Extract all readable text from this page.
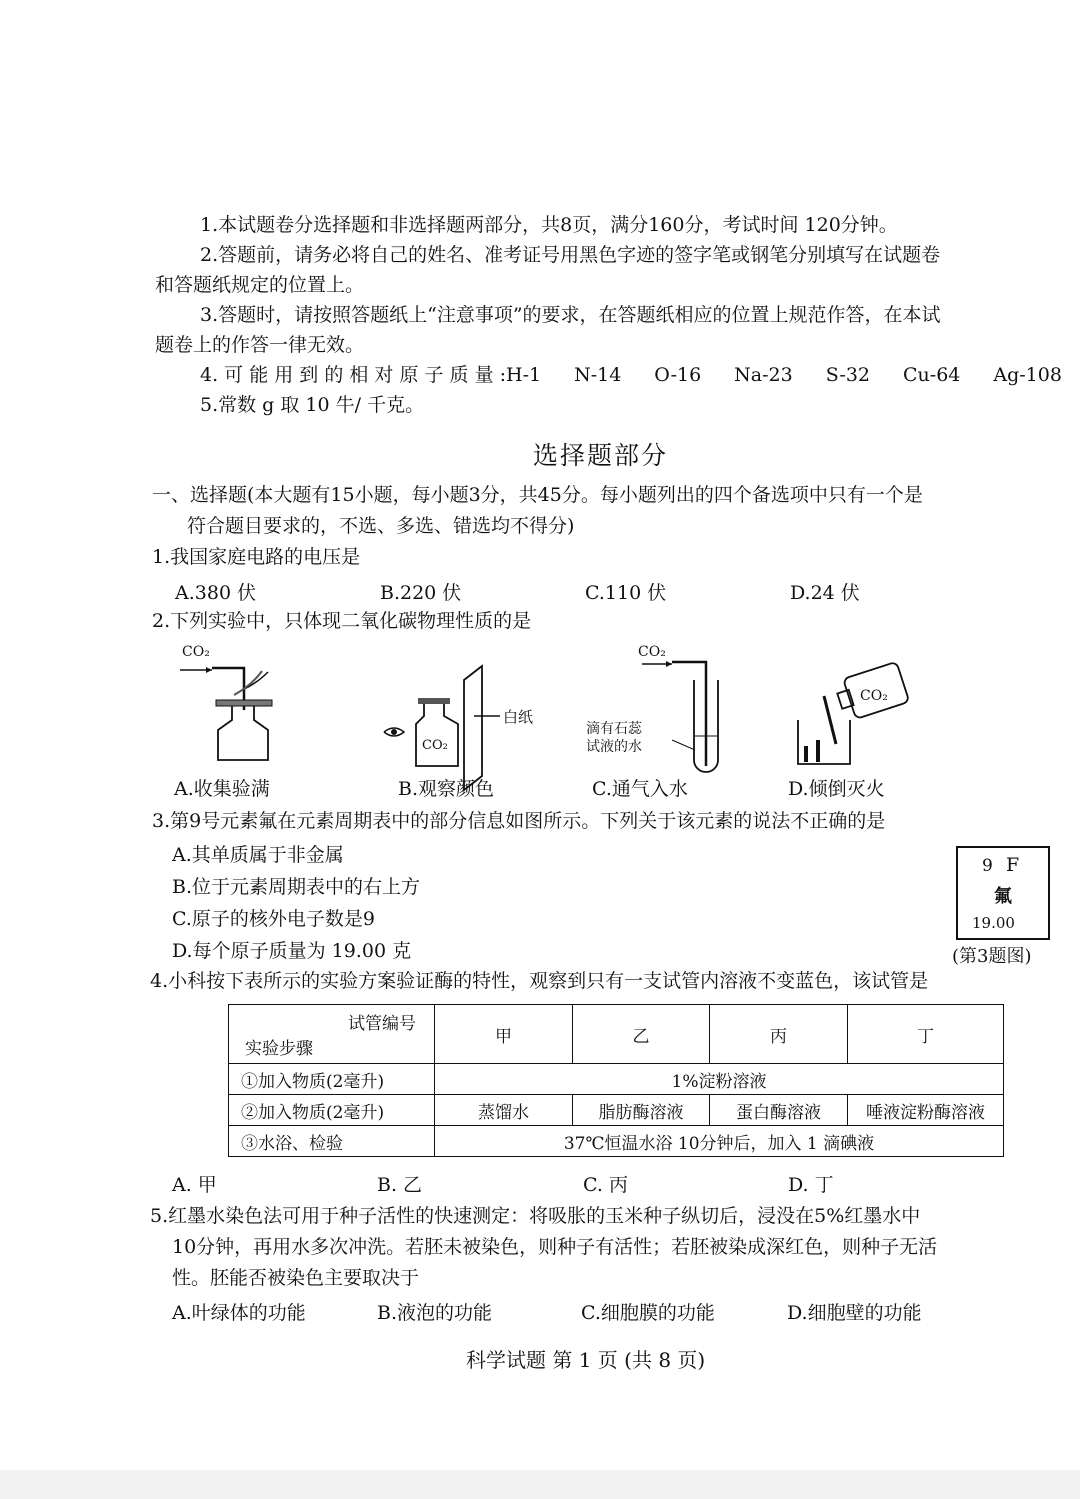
1.本试题卷分选择题和非选择题两部分，共8页，满分160分，考试时间 120分钟。
2.答题前，请务必将自己的姓名、准考证号用黑色字迹的签字笔或钢笔分别填写在试题卷
和答题纸规定的位置上。
3.答题时，请按照答题纸上“注意事项”的要求，在答题纸相应的位置上规范作答，在本试
题卷上的作答一律无效。
4. 可 能 用 到 的 相 对 原 子 质 量 :H-1 N-14 O-16 Na-23 S-32 Cu-64 Ag-108
5.常数 g 取 10 牛/ 千克。
选择题部分
一、选择题(本大题有15小题，每小题3分，共45分。每小题列出的四个备选项中只有一个是
符合题目要求的，不选、多选、错选均不得分)
1.我国家庭电路的电压是
A.380 伏	B.220 伏	C.110 伏	D.24 伏
2.下列实验中，只体现二氧化碳物理性质的是
CO₂
A.收集验满
白纸
CO₂
B.观察颜色
CO₂
滴有石蕊
试液的水
C.通气入水
CO₂
D.倾倒灭火
3.第9号元素氟在元素周期表中的部分信息如图所示。下列关于该元素的说法不正确的是
A.其单质属于非金属
B.位于元素周期表中的右上方
C.原子的核外电子数是9
D.每个原子质量为 19.00 克
9 F
氟
19.00
(第3题图)
4.小科按下表所示的实验方案验证酶的特性，观察到只有一支试管内溶液不变蓝色，该试管是
试管编号
实验步骤	甲	乙	丙	丁
①加入物质(2毫升)	1%淀粉溶液			
②加入物质(2毫升)	蒸馏水	脂肪酶溶液	蛋白酶溶液	唾液淀粉酶溶液
③水浴、检验	37℃恒温水浴 10分钟后，加入 1 滴碘液			
A. 甲	B. 乙	C. 丙	D. 丁
5.红墨水染色法可用于种子活性的快速测定：将吸胀的玉米种子纵切后，浸没在5%红墨水中
10分钟，再用水多次冲洗。若胚未被染色，则种子有活性；若胚被染成深红色，则种子无活
性。胚能否被染色主要取决于
A.叶绿体的功能	B.液泡的功能	C.细胞膜的功能	D.细胞壁的功能
科学试题 第 1 页 (共 8 页)
